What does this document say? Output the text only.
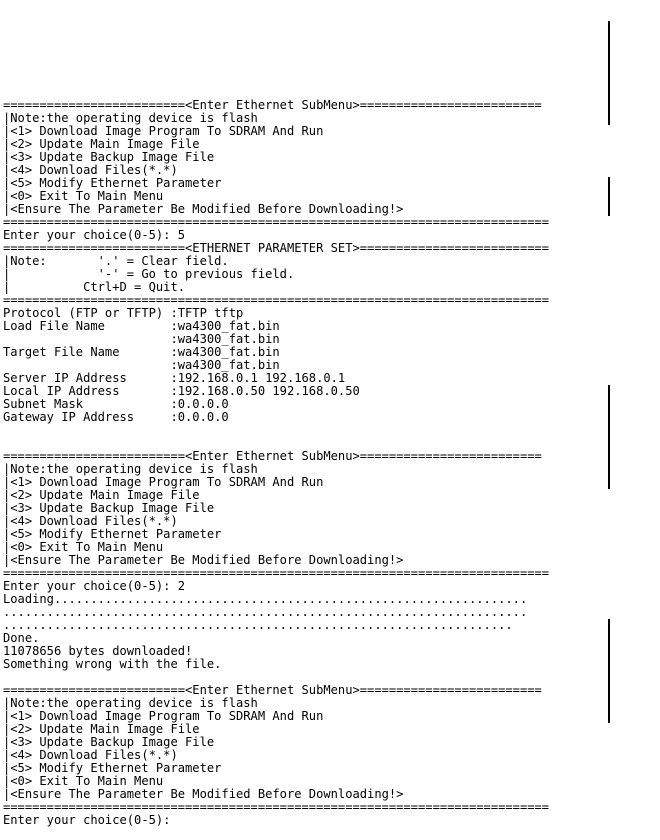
=========================<Enter Ethernet SubMenu>=========================
|Note:the operating device is flash
|<1> Download Image Program To SDRAM And Run
|<2> Update Main Image File
|<3> Update Backup Image File
|<4> Download Files(*.*)
|<5> Modify Ethernet Parameter
|<0> Exit To Main Menu
|<Ensure The Parameter Be Modified Before Downloading!>
===========================================================================
Enter your choice(0-5): 5
=========================<ETHERNET PARAMETER SET>==========================
|Note:       '.' = Clear field.
|            '-' = Go to previous field.
|          Ctrl+D = Quit.
===========================================================================
Protocol (FTP or TFTP) :TFTP tftp
Load File Name         :wa4300_fat.bin
:wa4300_fat.bin
Target File Name       :wa4300_fat.bin
:wa4300_fat.bin
Server IP Address      :192.168.0.1 192.168.0.1
Local IP Address       :192.168.0.50 192.168.0.50
Subnet Mask            :0.0.0.0
Gateway IP Address     :0.0.0.0
=========================<Enter Ethernet SubMenu>=========================
|Note:the operating device is flash
|<1> Download Image Program To SDRAM And Run
|<2> Update Main Image File
|<3> Update Backup Image File
|<4> Download Files(*.*)
|<5> Modify Ethernet Parameter
|<0> Exit To Main Menu
|<Ensure The Parameter Be Modified Before Downloading!>
===========================================================================
Enter your choice(0-5): 2
Loading.................................................................
........................................................................
......................................................................
Done.
11078656 bytes downloaded!
Something wrong with the file.
=========================<Enter Ethernet SubMenu>=========================
|Note:the operating device is flash
|<1> Download Image Program To SDRAM And Run
|<2> Update Main Image File
|<3> Update Backup Image File
|<4> Download Files(*.*)
|<5> Modify Ethernet Parameter
|<0> Exit To Main Menu
|<Ensure The Parameter Be Modified Before Downloading!>
===========================================================================
Enter your choice(0-5):
